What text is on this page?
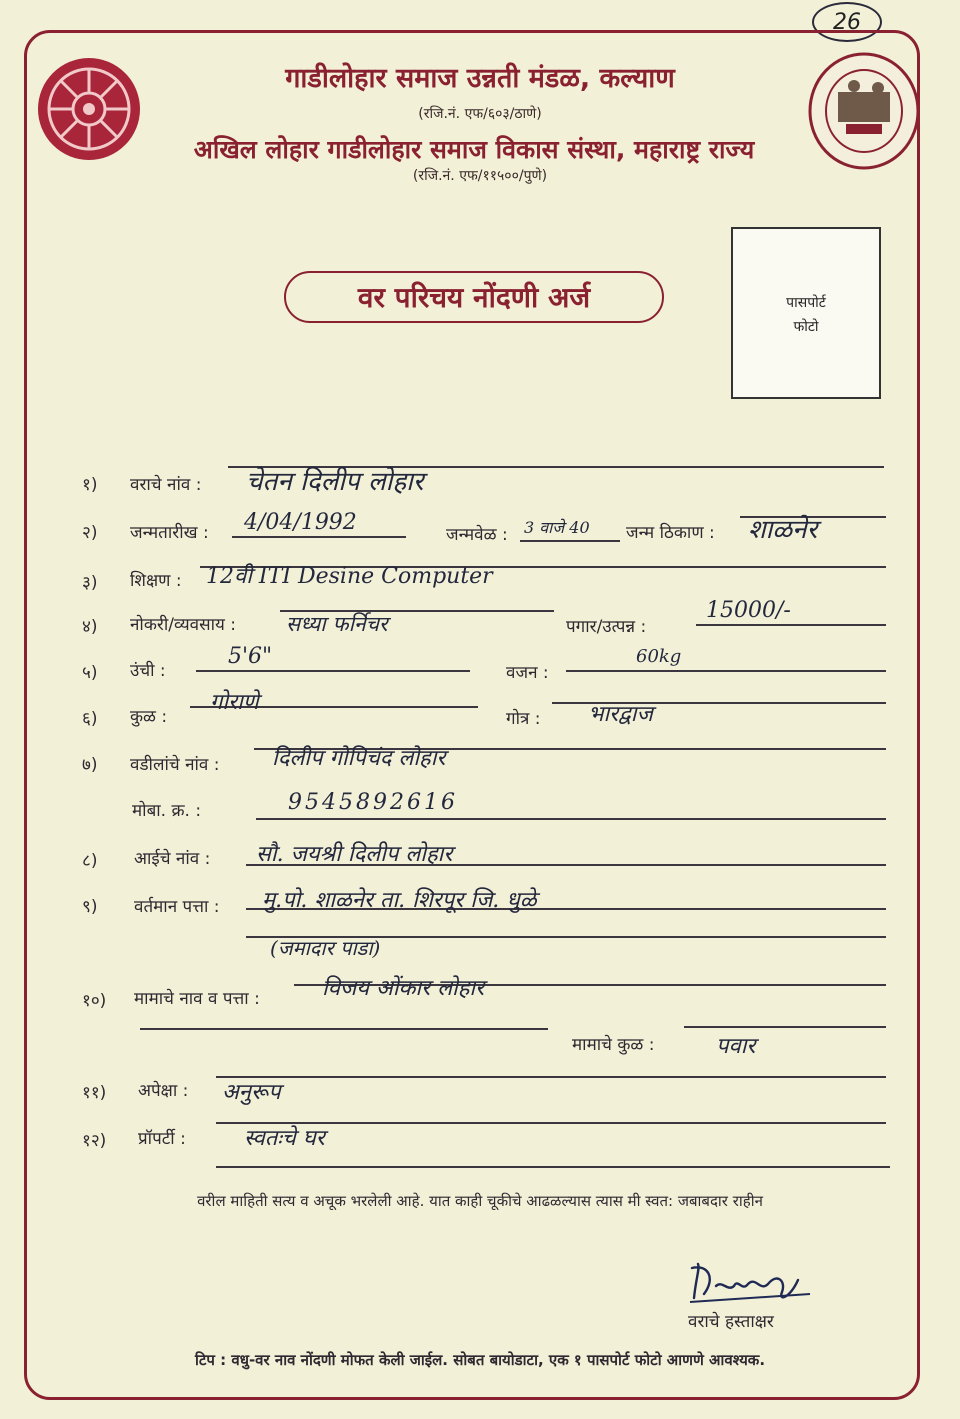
26
गाडीलोहार समाज उन्नती मंडळ, कल्याण
(रजि.नं. एफ/६०३/ठाणे)
अखिल लोहार गाडीलोहार समाज विकास संस्था, महाराष्ट्र राज्य
(रजि.नं. एफ/११५००/पुणे)
वर परिचय नोंदणी अर्ज	पासपोर्ट
फोटो
१) वराचे नांव : चेतन दिलीप लोहार
२) जन्मतारीख : 4/04/1992	जन्मवेळ : 3 वाजे 40 जन्म ठिकाण : शाळनेर
३) शिक्षण : 12वी ITI Desine Computer
४) नोकरी/व्यवसाय : सध्या फर्निचर	पगार/उत्पन्न :
15000/-
५) उंची :
5'6"
वजन :
60kg
६) कुळ :
गोराणे
गोत्र : भारद्वाज
७) वडीलांचे नांव : दिलीप गोपिचंद लोहार
मोबा. क्र. :	9545892616
८) आईचे नांव : सौ. जयश्री दिलीप लोहार
९) वर्तमान पत्ता : मु.पो. शाळनेर ता. शिरपूर जि. धुळे
(जमादार पाडा)
१०) मामाचे नाव व पत्ता :	विजय ओंकार लोहार
मामाचे कुळ :	पवार
११) अपेक्षा : अनुरूप
१२) प्रॉपर्टी :	स्वतःचे घर
वरील माहिती सत्य व अचूक भरलेली आहे. यात काही चूकीचे आढळल्यास त्यास मी स्वत: जबाबदार राहीन
वराचे हस्ताक्षर
टिप : वधु-वर नाव नोंदणी मोफत केली जाईल. सोबत बायोडाटा, एक १ पासपोर्ट फोटो आणणे आवश्यक.
